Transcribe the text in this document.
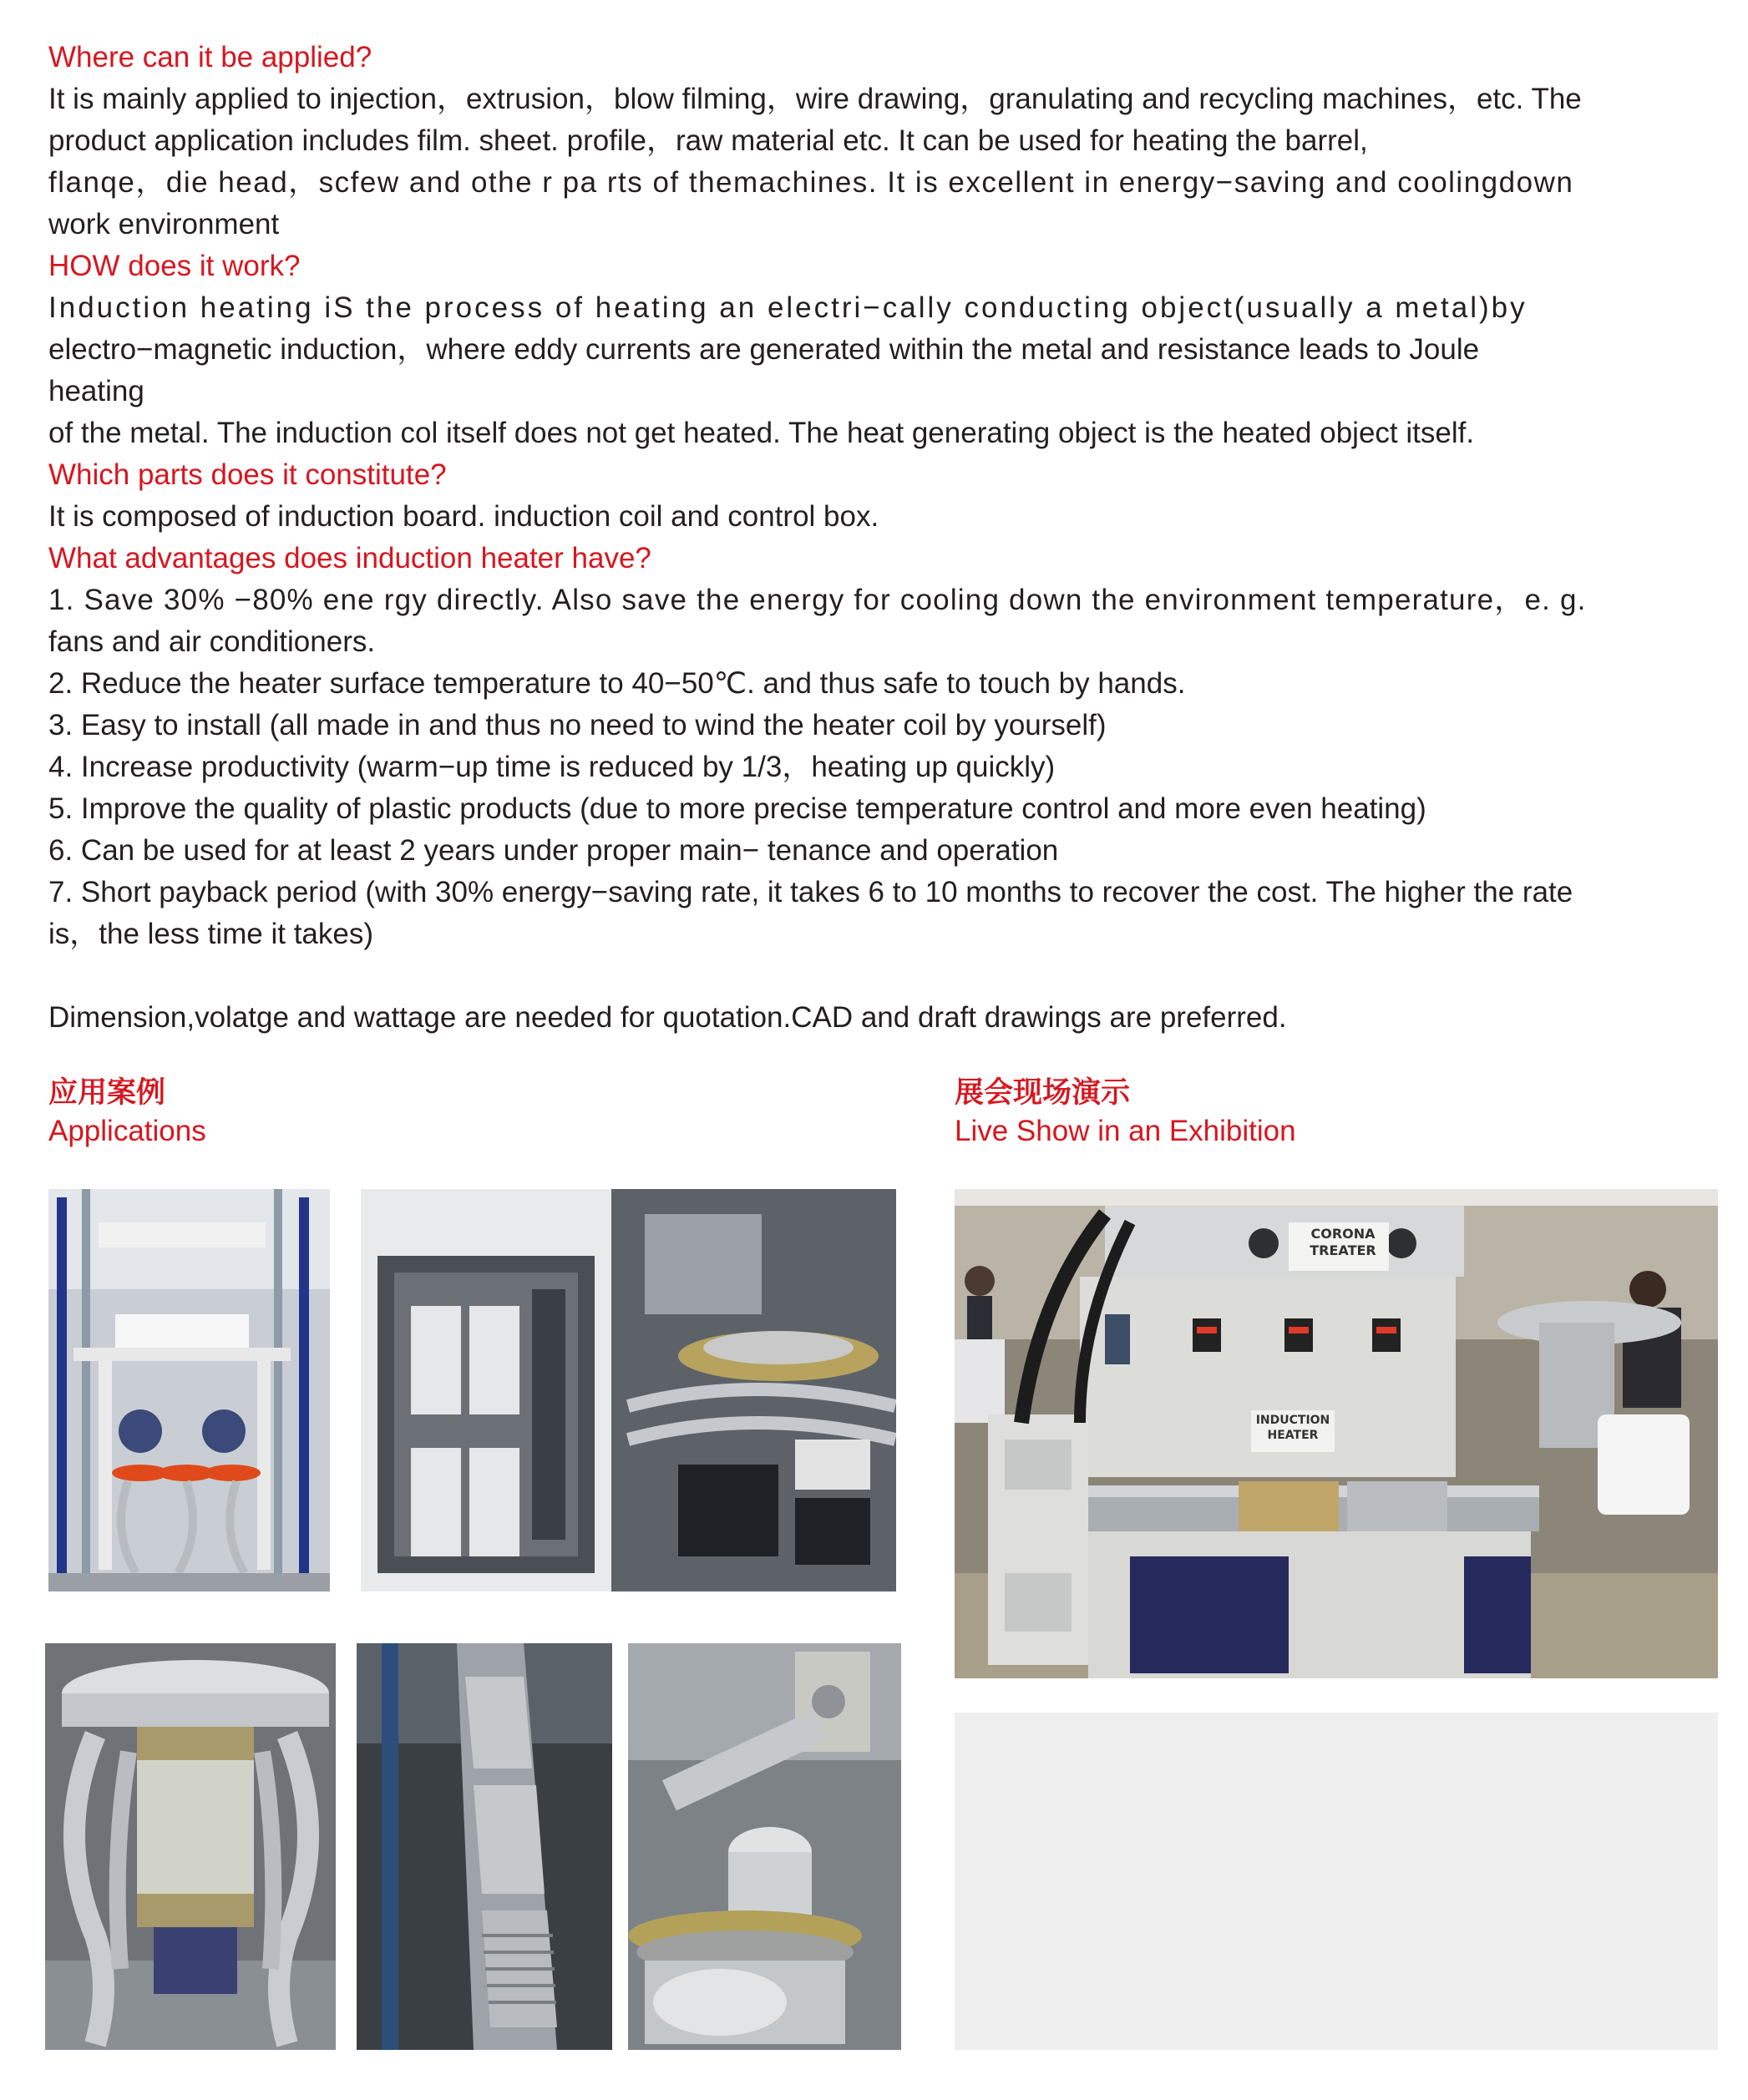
Where can it be applied?

It is mainly applied to injection，extrusion，blow filming，wire drawing，granulating and recycling machines，etc. The

product application includes film. sheet. profile，raw material etc. It can be used for heating the barrel,

flanqe，die head，scfew and othe r pa rts of themachines. It is excellent in energy−saving and coolingdown

work environment

HOW does it work?

Induction heating iS the process of heating an electri−cally conducting object(usually a metal)by

electro−magnetic induction，where eddy currents are generated within the metal and resistance leads to Joule

heating

of the metal. The induction col itself does not get heated. The heat generating object is the heated object itself.

Which parts does it constitute?

It is composed of induction board. induction coil and control box.

What advantages does induction heater have?

1. Save 30% −80% ene rgy directly. Also save the energy for cooling down the environment temperature，e. g.

fans and air conditioners.

2. Reduce the heater surface temperature to 40−50℃. and thus safe to touch by hands.

3. Easy to install (all made in and thus no need to wind the heater coil by yourself)

4. Increase productivity (warm−up time is reduced by 1/3，heating up quickly)

5. Improve the quality of plastic products (due to more precise temperature control and more even heating)

6. Can be used for at least 2 years under proper main− tenance and operation

7. Short payback period (with 30% energy−saving rate, it takes 6 to 10 months to recover the cost. The higher the rate

is，the less time it takes)

Dimension,volatge and wattage are needed for quotation.CAD and draft drawings are preferred.

应用案例
Applications
展会现场演示
Live Show in an Exhibition
CORONA
TREATER
INDUCTION
HEATER
